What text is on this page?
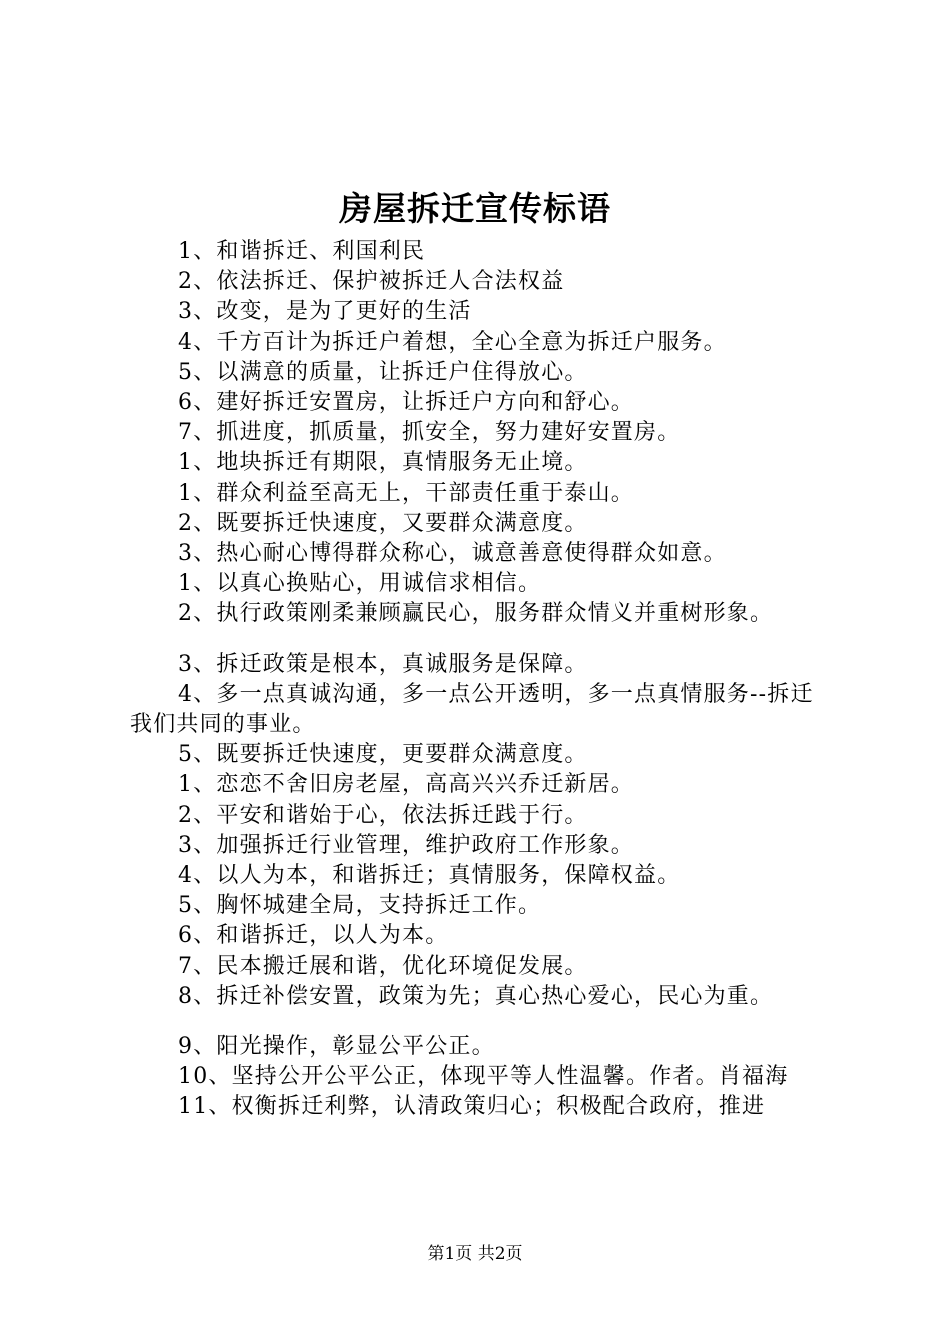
房屋拆迁宣传标语

1、和谐拆迁、利国利民

2、依法拆迁、保护被拆迁人合法权益

3、改变，是为了更好的生活

4、千方百计为拆迁户着想，全心全意为拆迁户服务。

5、以满意的质量，让拆迁户住得放心。

6、建好拆迁安置房，让拆迁户方向和舒心。

7、抓进度，抓质量，抓安全，努力建好安置房。

1、地块拆迁有期限，真情服务无止境。

1、群众利益至高无上，干部责任重于泰山。

2、既要拆迁快速度，又要群众满意度。

3、热心耐心博得群众称心，诚意善意使得群众如意。

1、以真心换贴心，用诚信求相信。

2、执行政策刚柔兼顾赢民心，服务群众情义并重树形象。

3、拆迁政策是根本，真诚服务是保障。

4、多一点真诚沟通，多一点公开透明，多一点真情服务--拆迁我们共同的事业。

5、既要拆迁快速度，更要群众满意度。

1、恋恋不舍旧房老屋，高高兴兴乔迁新居。

2、平安和谐始于心，依法拆迁践于行。

3、加强拆迁行业管理，维护政府工作形象。

4、以人为本，和谐拆迁；真情服务，保障权益。

5、胸怀城建全局，支持拆迁工作。

6、和谐拆迁，以人为本。

7、民本搬迁展和谐，优化环境促发展。

8、拆迁补偿安置，政策为先；真心热心爱心，民心为重。

9、阳光操作，彰显公平公正。

10、坚持公开公平公正，体现平等人性温馨。作者。肖福海

11、权衡拆迁利弊，认清政策归心；积极配合政府，推进

第1页 共2页
